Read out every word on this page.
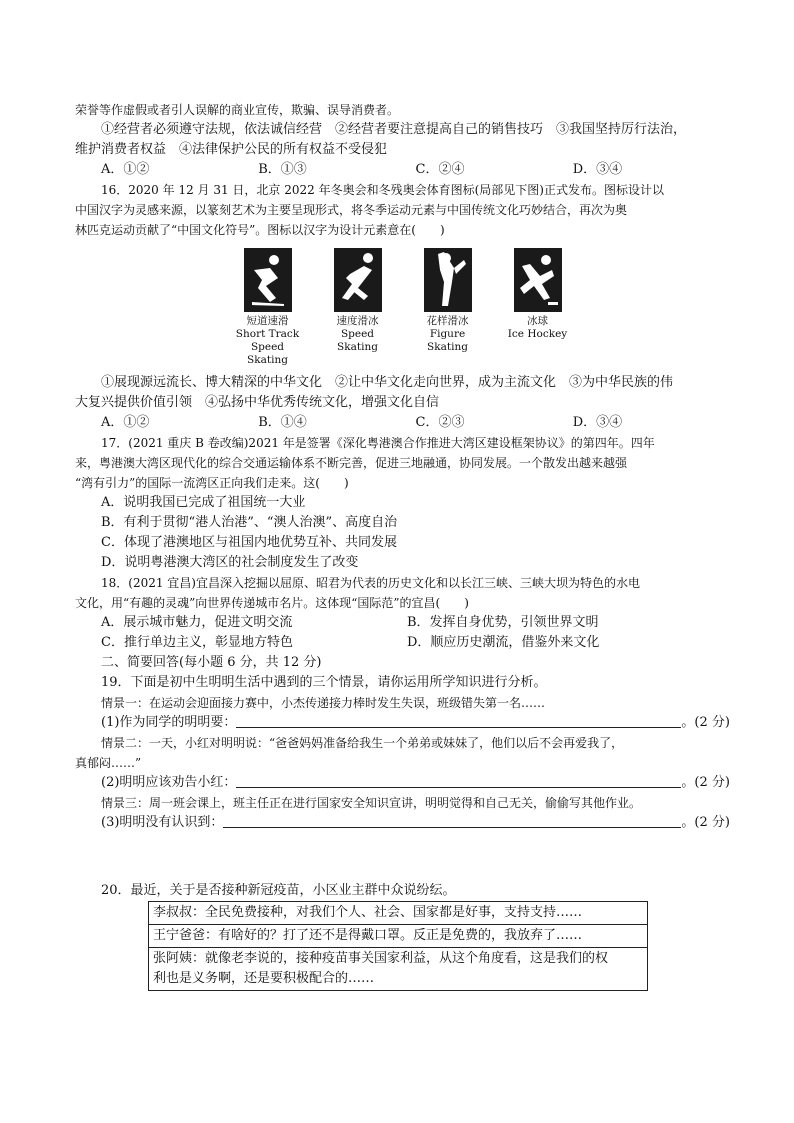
荣誉等作虚假或者引人误解的商业宣传，欺骗、误导消费者。
①经营者必须遵守法规，依法诚信经营　②经营者要注意提高自己的销售技巧　③我国坚持厉行法治，
维护消费者权益　④法律保护公民的所有权益不受侵犯
A．①②	B．①③	C．②④	D．③④
16．2020 年 12 月 31 日，北京 2022 年冬奥会和冬残奥会体育图标(局部见下图)正式发布。图标设计以
中国汉字为灵感来源，以篆刻艺术为主要呈现形式，将冬季运动元素与中国传统文化巧妙结合，再次为奥
林匹克运动贡献了“中国文化符号”。图标以汉字为设计元素意在(　　)
短道速滑
Short Track
Speed Skating
速度滑冰
Speed Skating
花样滑冰
Figure Skating
冰球
Ice Hockey
①展现源远流长、博大精深的中华文化　②让中华文化走向世界，成为主流文化　③为中华民族的伟
大复兴提供价值引领　④弘扬中华优秀传统文化，增强文化自信
A．①②	B．①④	C．②③	D．③④
17．(2021 重庆 B 卷改编)2021 年是签署《深化粤港澳合作推进大湾区建设框架协议》的第四年。四年
来，粤港澳大湾区现代化的综合交通运输体系不断完善，促进三地融通，协同发展。一个散发出越来越强
“湾有引力”的国际一流湾区正向我们走来。这(　　)
A．说明我国已完成了祖国统一大业
B．有利于贯彻“港人治港”、“澳人治澳”、高度自治
C．体现了港澳地区与祖国内地优势互补、共同发展
D．说明粤港澳大湾区的社会制度发生了改变
18．(2021 宜昌)宜昌深入挖掘以屈原、昭君为代表的历史文化和以长江三峡、三峡大坝为特色的水电
文化，用“有趣的灵魂”向世界传递城市名片。这体现“国际范”的宜昌(　　)
A．展示城市魅力，促进文明交流	B．发挥自身优势，引领世界文明
C．推行单边主义，彰显地方特色	D．顺应历史潮流，借鉴外来文化
二、简要回答(每小题 6 分，共 12 分)
19．下面是初中生明明生活中遇到的三个情景，请你运用所学知识进行分析。
情景一：在运动会迎面接力赛中，小杰传递接力棒时发生失误，班级错失第一名……
(1)作为同学的明明要：	。(2 分)
情景二：一天，小红对明明说：“爸爸妈妈准备给我生一个弟弟或妹妹了，他们以后不会再爱我了，
真郁闷……”
(2)明明应该劝告小红：	。(2 分)
情景三：周一班会课上，班主任正在进行国家安全知识宣讲，明明觉得和自己无关，偷偷写其他作业。
(3)明明没有认识到：	。(2 分)
20．最近，关于是否接种新冠疫苗，小区业主群中众说纷纭。
李叔叔：全民免费接种，对我们个人、社会、国家都是好事，支持支持……
王宁爸爸：有啥好的？打了还不是得戴口罩。反正是免费的，我放弃了……

张阿姨：就像老李说的，接种疫苗事关国家利益，从这个角度看，这是我们的权
利也是义务啊，还是要积极配合的……
